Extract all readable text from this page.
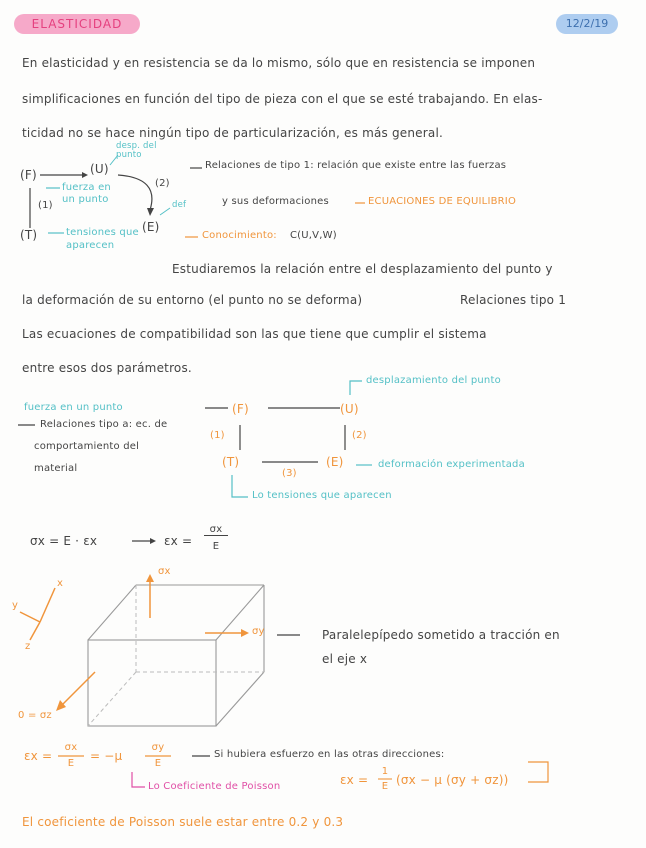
ELASTICIDAD	12/2/19
En elasticidad y en resistencia se da lo mismo, sólo que en resistencia se imponen
simplificaciones en función del tipo de pieza con el que se esté trabajando. En elas-
ticidad no se hace ningún tipo de particularización, es más general.
(F)	(U)
desp. del punto
(2)
fuerza en un punto
(1)	def
(T)
(E)
tensiones que aparecen
Relaciones de tipo 1: relación que existe entre las fuerzas
y sus deformaciones	ECUACIONES DE EQUILIBRIO
Conocimiento: C(U,V,W)
Estudiaremos la relación entre el desplazamiento del punto y
la deformación de su entorno (el punto no se deforma)	Relaciones tipo 1
Las ecuaciones de compatibilidad son las que tiene que cumplir el sistema
entre esos dos parámetros.
desplazamiento del punto
fuerza en un punto	(F)	(U)
Relaciones tipo a: ec. de
comportamiento del
material
(1)	(2)
(T)	(E)
(3)
deformación experimentada
Lo tensiones que aparecen
σx = E · εx	εx =
σx
E
x
y
z
σx
σy
0 = σz
Paralelepípedo sometido a tracción en
el eje x
εx =
σx
E
= −μ
σy
E
Si hubiera esfuerzo en las otras direcciones:
εx =
1
E (σx − μ (σy + σz))
Lo Coeficiente de Poisson
El coeficiente de Poisson suele estar entre 0.2 y 0.3
